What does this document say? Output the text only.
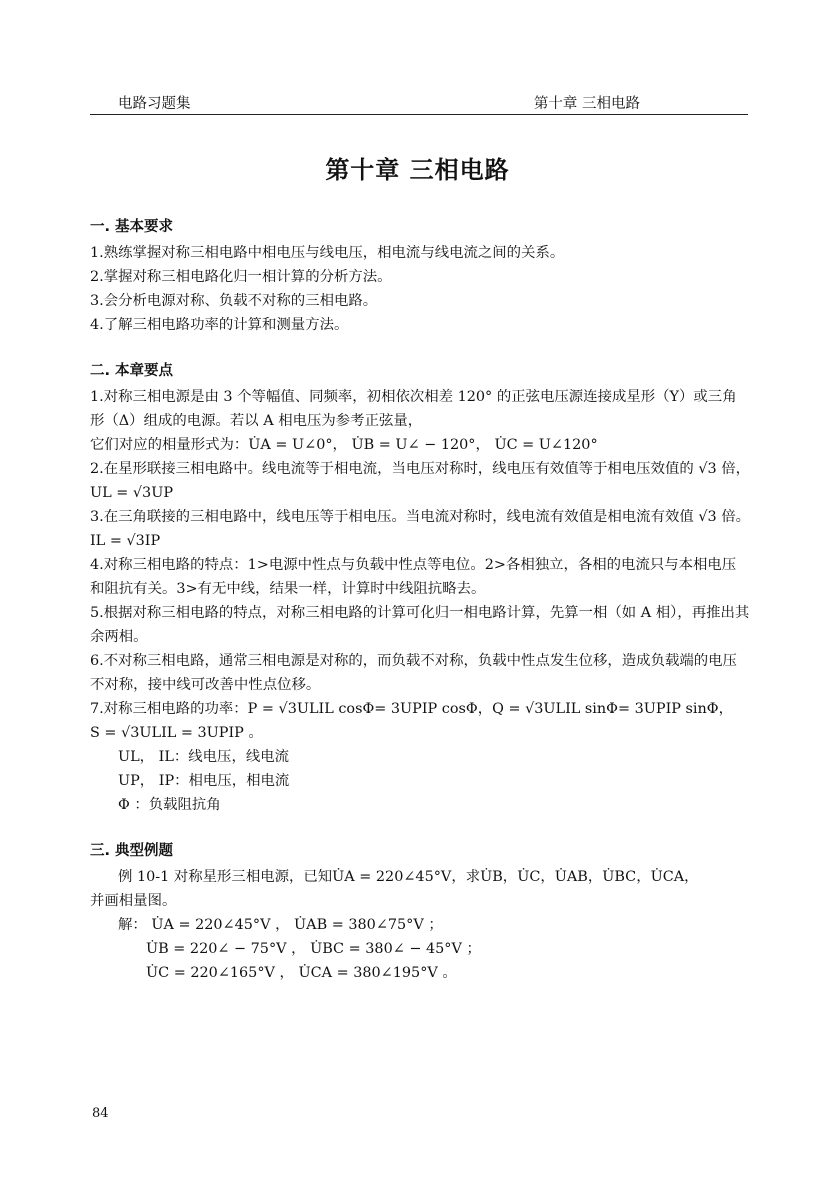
电路习题集	第十章 三相电路
第十章 三相电路
一. 基本要求
1.熟练掌握对称三相电路中相电压与线电压，相电流与线电流之间的关系。
2.掌握对称三相电路化归一相计算的分析方法。
3.会分析电源对称、负载不对称的三相电路。
4.了解三相电路功率的计算和测量方法。
二. 本章要点
1.对称三相电源是由 3 个等幅值、同频率，初相依次相差 120° 的正弦电压源连接成星形（Y）或三角形（Δ）组成的电源。若以 A 相电压为参考正弦量，
它们对应的相量形式为：U̇A = U∠0°， U̇B = U∠ − 120°， U̇C = U∠120°
2.在星形联接三相电路中。线电流等于相电流，当电压对称时，线电压有效值等于相电压效值的 √3 倍， UL = √3UP
3.在三角联接的三相电路中，线电压等于相电压。当电流对称时，线电流有效值是相电流有效值 √3 倍。 IL = √3IP
4.对称三相电路的特点：1>电源中性点与负载中性点等电位。2>各相独立，各相的电流只与本相电压和阻抗有关。3>有无中线，结果一样，计算时中线阻抗略去。
5.根据对称三相电路的特点，对称三相电路的计算可化归一相电路计算，先算一相（如 A 相），再推出其余两相。
6.不对称三相电路，通常三相电源是对称的，而负载不对称，负载中性点发生位移，造成负载端的电压不对称，接中线可改善中性点位移。
7.对称三相电路的功率：P = √3ULIL cosΦ= 3UPIP cosΦ，Q = √3ULIL sinΦ= 3UPIP sinΦ，
S = √3ULIL = 3UPIP 。
UL， IL：线电压，线电流
UP， IP：相电压，相电流
Φ ：负载阻抗角
三. 典型例题
例 10-1 对称星形三相电源，已知U̇A = 220∠45°V，求U̇B，U̇C，U̇AB，U̇BC，U̇CA，
并画相量图。
解： U̇A = 220∠45°V ， U̇AB = 380∠75°V ；
U̇B = 220∠ − 75°V ， U̇BC = 380∠ − 45°V ；
U̇C = 220∠165°V ， U̇CA = 380∠195°V 。
84
